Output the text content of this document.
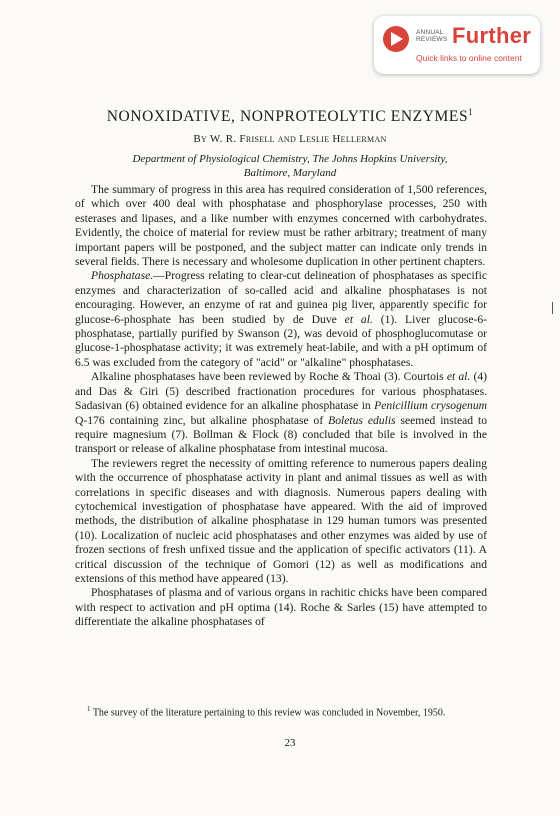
ANNUAL
REVIEWS Further
Quick links to online content
NONOXIDATIVE, NONPROTEOLYTIC ENZYMES$^1$
By W. R. Frisell and Leslie Hellerman
Department of Physiological Chemistry, The Johns Hopkins University,
Baltimore, Maryland

The summary of progress in this area has required consideration of 1,500 references, of which over 400 deal with phosphatase and phosphorylase processes, 250 with esterases and lipases, and a like number with enzymes concerned with carbohydrates. Evidently, the choice of material for review must be rather arbitrary; treatment of many important papers will be postponed, and the subject matter can indicate only trends in several fields. There is necessary and wholesome duplication in other pertinent chapters.

Phosphatase.—Progress relating to clear-cut delineation of phosphatases as specific enzymes and characterization of so-called acid and alkaline phosphatases is not encouraging. However, an enzyme of rat and guinea pig liver, apparently specific for glucose-6-phosphate has been studied by de Duve et al. (1). Liver glucose-6-phosphatase, partially purified by Swanson (2), was devoid of phosphoglucomutase or glucose-1-phosphatase activity; it was extremely heat-labile, and with a pH optimum of 6.5 was excluded from the category of "acid" or "alkaline" phosphatases.

Alkaline phosphatases have been reviewed by Roche & Thoai (3). Courtois et al. (4) and Das & Giri (5) described fractionation procedures for various phosphatases. Sadasivan (6) obtained evidence for an alkaline phosphatase in Penicillium crysogenum Q-176 containing zinc, but alkaline phosphatase of Boletus edulis seemed instead to require magnesium (7). Bollman & Flock (8) concluded that bile is involved in the transport or release of alkaline phosphatase from intestinal mucosa.

The reviewers regret the necessity of omitting reference to numerous papers dealing with the occurrence of phosphatase activity in plant and animal tissues as well as with correlations in specific diseases and with diagnosis. Numerous papers dealing with cytochemical investigation of phosphatase have appeared. With the aid of improved methods, the distribution of alkaline phosphatase in 129 human tumors was presented (10). Localization of nucleic acid phosphatases and other enzymes was aided by use of frozen sections of fresh unfixed tissue and the application of specific activators (11). A critical discussion of the technique of Gomori (12) as well as modifications and extensions of this method have appeared (13).

Phosphatases of plasma and of various organs in rachitic chicks have been compared with respect to activation and pH optima (14). Roche & Sarles (15) have attempted to differentiate the alkaline phosphatases of

$^1$ The survey of the literature pertaining to this review was concluded in November, 1950.
23
